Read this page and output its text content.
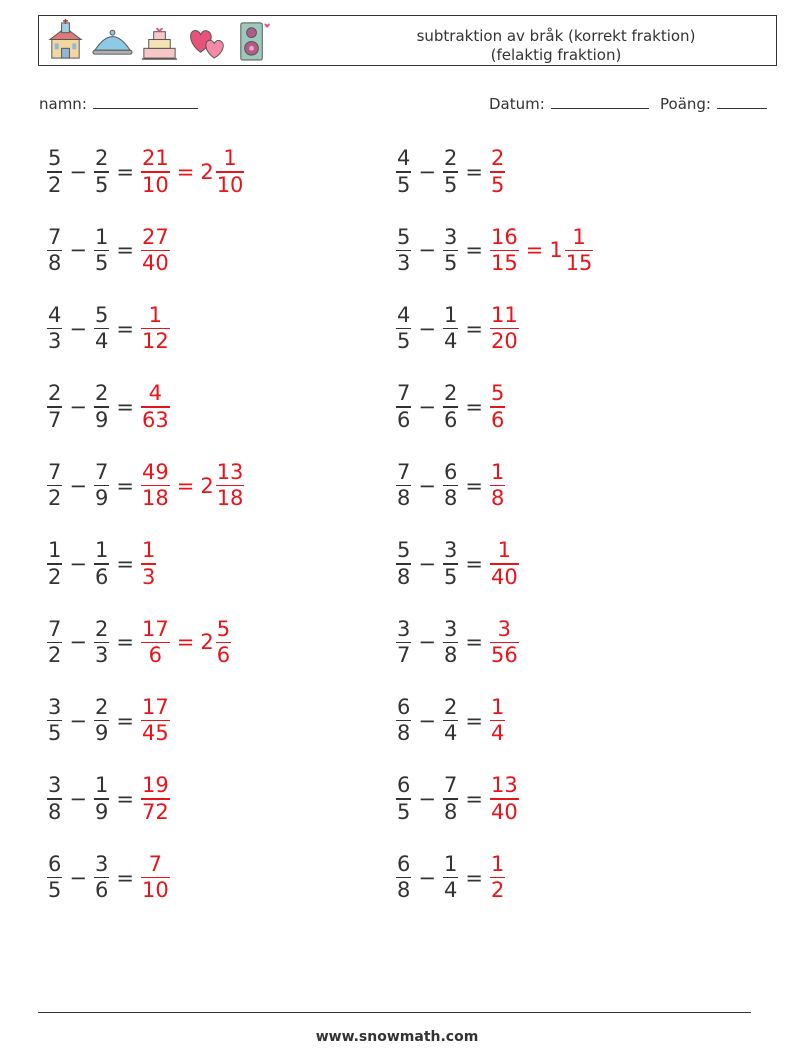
subtraktion av bråk (korrekt fraktion)
(felaktig fraktion)
namn:	Datum:	Poäng:
$\frac{5}{2} - \frac{2}{5} = \frac{21}{10} = 2 \frac{1}{10}$
$\frac{7}{8} - \frac{1}{5} = \frac{27}{40}$
$\frac{4}{3} - \frac{5}{4} = \frac{1}{12}$
$\frac{2}{7} - \frac{2}{9} = \frac{4}{63}$
$\frac{7}{2} - \frac{7}{9} = \frac{49}{18} = 2 \frac{13}{18}$
$\frac{1}{2} - \frac{1}{6} = \frac{1}{3}$
$\frac{7}{2} - \frac{2}{3} = \frac{17}{6} = 2 \frac{5}{6}$
$\frac{3}{5} - \frac{2}{9} = \frac{17}{45}$
$\frac{3}{8} - \frac{1}{9} = \frac{19}{72}$
$\frac{6}{5} - \frac{3}{6} = \frac{7}{10}$
$\frac{4}{5} - \frac{2}{5} = \frac{2}{5}$
$\frac{5}{3} - \frac{3}{5} = \frac{16}{15} = 1 \frac{1}{15}$
$\frac{4}{5} - \frac{1}{4} = \frac{11}{20}$
$\frac{7}{6} - \frac{2}{6} = \frac{5}{6}$
$\frac{7}{8} - \frac{6}{8} = \frac{1}{8}$
$\frac{5}{8} - \frac{3}{5} = \frac{1}{40}$
$\frac{3}{7} - \frac{3}{8} = \frac{3}{56}$
$\frac{6}{8} - \frac{2}{4} = \frac{1}{4}$
$\frac{6}{5} - \frac{7}{8} = \frac{13}{40}$
$\frac{6}{8} - \frac{1}{4} = \frac{1}{2}$
www.snowmath.com
